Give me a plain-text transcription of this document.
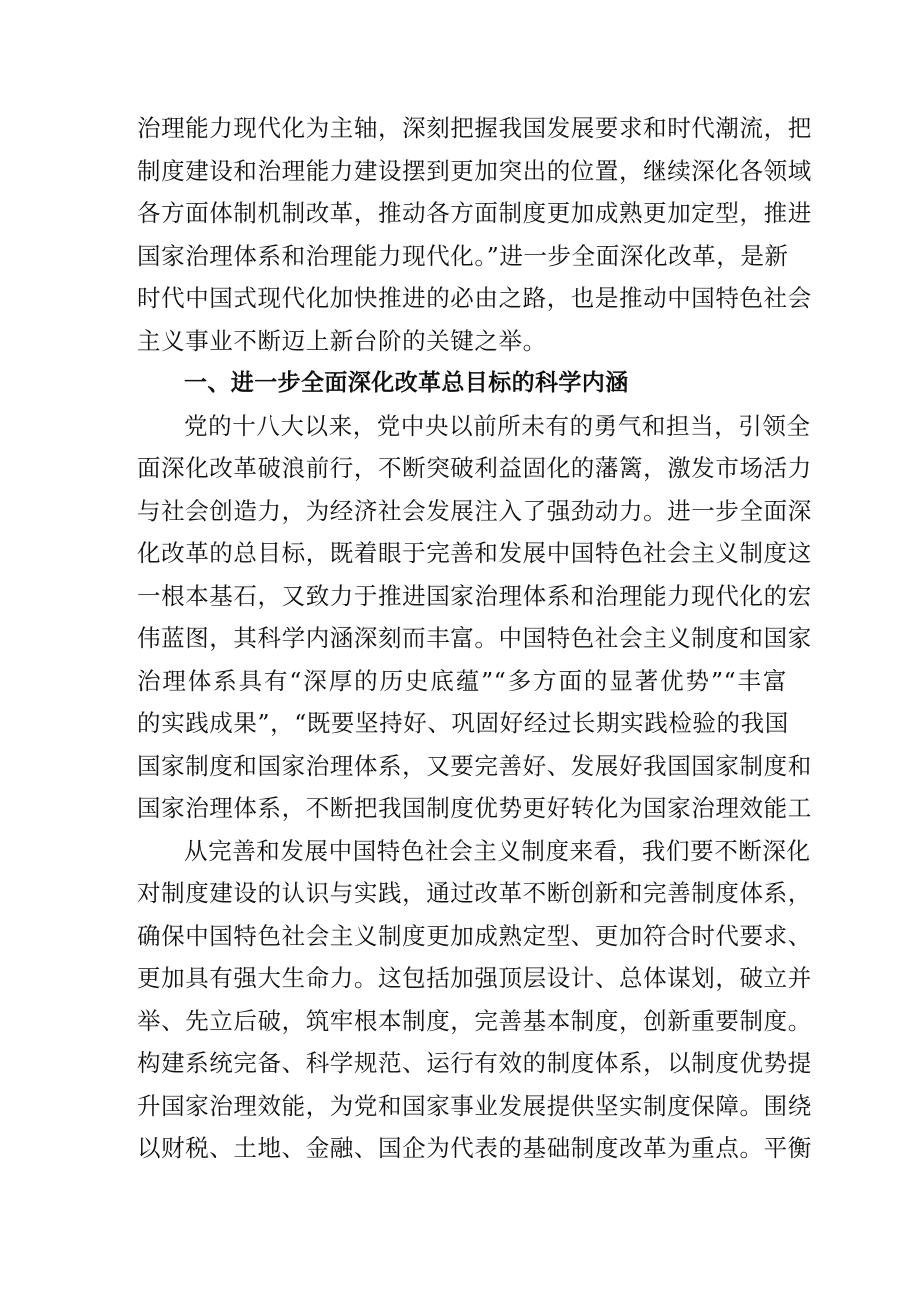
治理能力现代化为主轴，深刻把握我国发展要求和时代潮流，把
制度建设和治理能力建设摆到更加突出的位置，继续深化各领域
各方面体制机制改革，推动各方面制度更加成熟更加定型，推进
国家治理体系和治理能力现代化。”进一步全面深化改革，是新
时代中国式现代化加快推进的必由之路，也是推动中国特色社会
主义事业不断迈上新台阶的关键之举。
一、进一步全面深化改革总目标的科学内涵
党的十八大以来，党中央以前所未有的勇气和担当，引领全
面深化改革破浪前行，不断突破利益固化的藩篱，激发市场活力
与社会创造力，为经济社会发展注入了强劲动力。进一步全面深
化改革的总目标，既着眼于完善和发展中国特色社会主义制度这
一根本基石，又致力于推进国家治理体系和治理能力现代化的宏
伟蓝图，其科学内涵深刻而丰富。中国特色社会主义制度和国家
治理体系具有“深厚的历史底蕴”“多方面的显著优势”“丰富
的实践成果”，“既要坚持好、巩固好经过长期实践检验的我国
国家制度和国家治理体系，又要完善好、发展好我国国家制度和
国家治理体系，不断把我国制度优势更好转化为国家治理效能工
从完善和发展中国特色社会主义制度来看，我们要不断深化
对制度建设的认识与实践，通过改革不断创新和完善制度体系，
确保中国特色社会主义制度更加成熟定型、更加符合时代要求、
更加具有强大生命力。这包括加强顶层设计、总体谋划，破立并
举、先立后破，筑牢根本制度，完善基本制度，创新重要制度。
构建系统完备、科学规范、运行有效的制度体系，以制度优势提
升国家治理效能，为党和国家事业发展提供坚实制度保障。围绕
以财税、土地、金融、国企为代表的基础制度改革为重点。平衡
